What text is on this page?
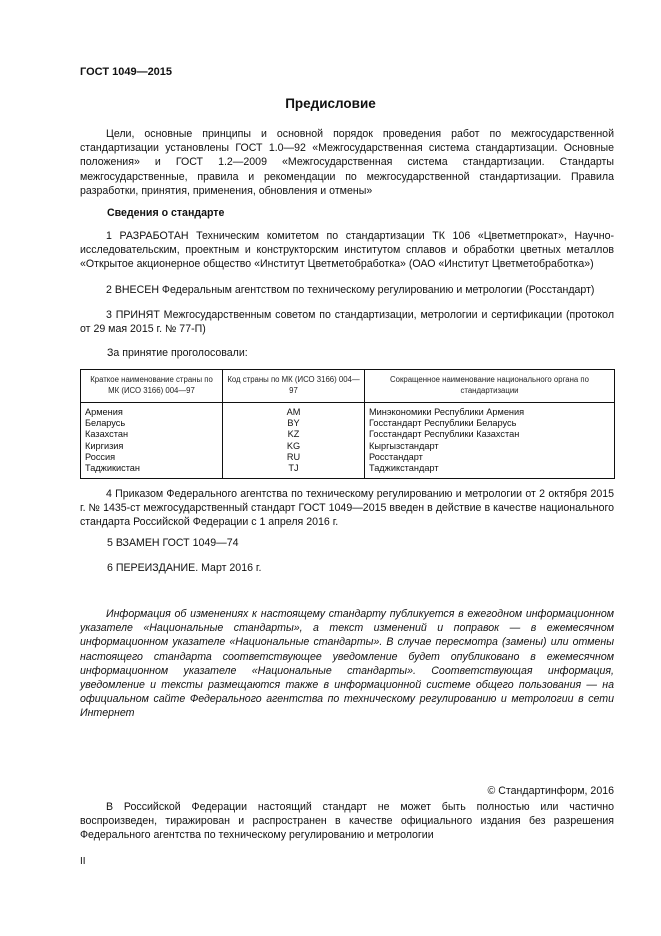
ГОСТ 1049—2015
Предисловие

Цели, основные принципы и основной порядок проведения работ по межгосударственной стандартизации установлены ГОСТ 1.0—92 «Межгосударственная система стандартизации. Основные положения» и ГОСТ 1.2—2009 «Межгосударственная система стандартизации. Стандарты межгосударственные, правила и рекомендации по межгосударственной стандартизации. Правила разработки, принятия, применения, обновления и отмены»

Сведения о стандарте

1 РАЗРАБОТАН Техническим комитетом по стандартизации ТК 106 «Цветметпрокат», Научно-исследовательским, проектным и конструкторским институтом сплавов и обработки цветных металлов «Открытое акционерное общество «Институт Цветметобработка» (ОАО «Институт Цветметобработка»)

2 ВНЕСЕН Федеральным агентством по техническому регулированию и метрологии (Росстандарт)

3 ПРИНЯТ Межгосударственным советом по стандартизации, метрологии и сертификации (протокол от 29 мая 2015 г. № 77-П)

За принятие проголосовали:
Краткое наименование страны по МК (ИСО 3166) 004—97	Код страны по МК (ИСО 3166) 004—97	Сокращенное наименование национального органа по стандартизации
Армения	AM	Минэкономики Республики Армения
Беларусь	BY	Госстандарт Республики Беларусь
Казахстан	KZ	Госстандарт Республики Казахстан
Киргизия	KG	Кыргызстандарт
Россия	RU	Росстандарт
Таджикистан	TJ	Таджикстандарт

4 Приказом Федерального агентства по техническому регулированию и метрологии от 2 октября 2015 г. № 1435-ст межгосударственный стандарт ГОСТ 1049—2015 введен в действие в качестве национального стандарта Российской Федерации с 1 апреля 2016 г.

5 ВЗАМЕН ГОСТ 1049—74
6 ПЕРЕИЗДАНИЕ. Март 2016 г.

Информация об изменениях к настоящему стандарту публикуется в ежегодном информационном указателе «Национальные стандарты», а текст изменений и поправок — в ежемесячном информационном указателе «Национальные стандарты». В случае пересмотра (замены) или отмены настоящего стандарта соответствующее уведомление будет опубликовано в ежемесячном информационном указателе «Национальные стандарты». Соответствующая информация, уведомление и тексты размещаются также в информационной системе общего пользования — на официальном сайте Федерального агентства по техническому регулированию и метрологии в сети Интернет

© Стандартинформ, 2016

В Российской Федерации настоящий стандарт не может быть полностью или частично воспроизведен, тиражирован и распространен в качестве официального издания без разрешения Федерального агентства по техническому регулированию и метрологии

II
